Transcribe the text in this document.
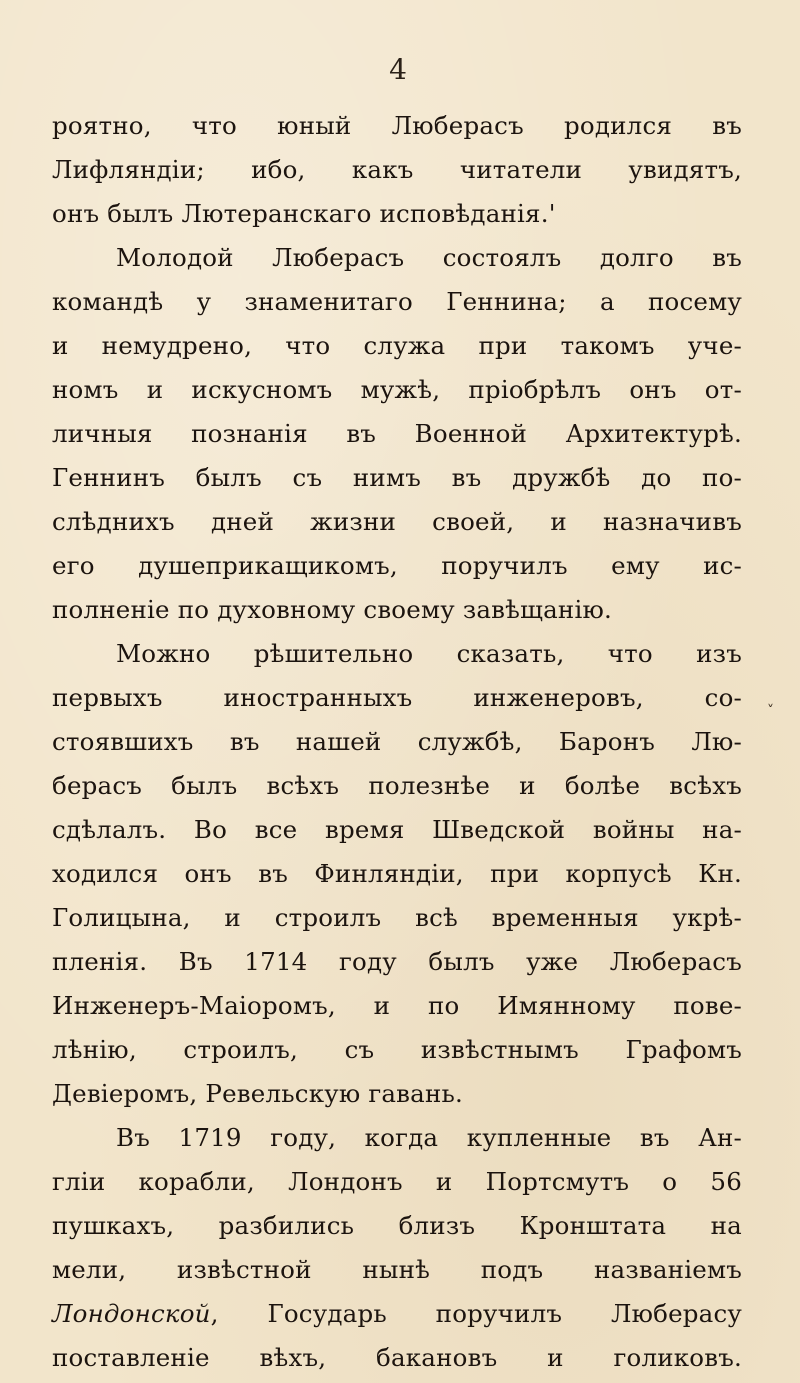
4
˅
роятно, что юный Люберасъ родился въ
Лифляндіи; ибо, какъ читатели увидятъ,
онъ былъ Лютеранскаго исповѣданія.'
Молодой Люберасъ состоялъ долго въ
командѣ у знаменитаго Геннина; а посему
и немудрено, что служа при такомъ уче-
номъ и искусномъ мужѣ, пріобрѣлъ онъ от-
личныя познанія въ Военной Архитектурѣ.
Геннинъ былъ съ нимъ въ дружбѣ до по-
слѣднихъ дней жизни своей, и назначивъ
его душеприкащикомъ, поручилъ ему ис-
полненіе по духовному своему завѣщанію.
Можно рѣшительно сказать, что изъ
первыхъ иностранныхъ инженеровъ, со-
стоявшихъ въ нашей службѣ, Баронъ Лю-
берасъ былъ всѣхъ полезнѣе и болѣе всѣхъ
сдѣлалъ. Во все время Шведской войны на-
ходился онъ въ Финляндіи, при корпусѣ Кн.
Голицына, и строилъ всѣ временныя укрѣ-
пленія. Въ 1714 году былъ уже Люберасъ
Инженеръ-Маіоромъ, и по Имянному пове-
лѣнію, строилъ, съ извѣстнымъ Графомъ
Девіеромъ, Ревельскую гавань.
Въ 1719 году, когда купленные въ Ан-
гліи корабли, Лондонъ и Портсмутъ о 56
пушкахъ, разбились близъ Кронштата на
мели, извѣстной нынѣ подъ названіемъ
Лондонской, Государь поручилъ Люберасу
поставленіе вѣхъ, бакановъ и голиковъ.
